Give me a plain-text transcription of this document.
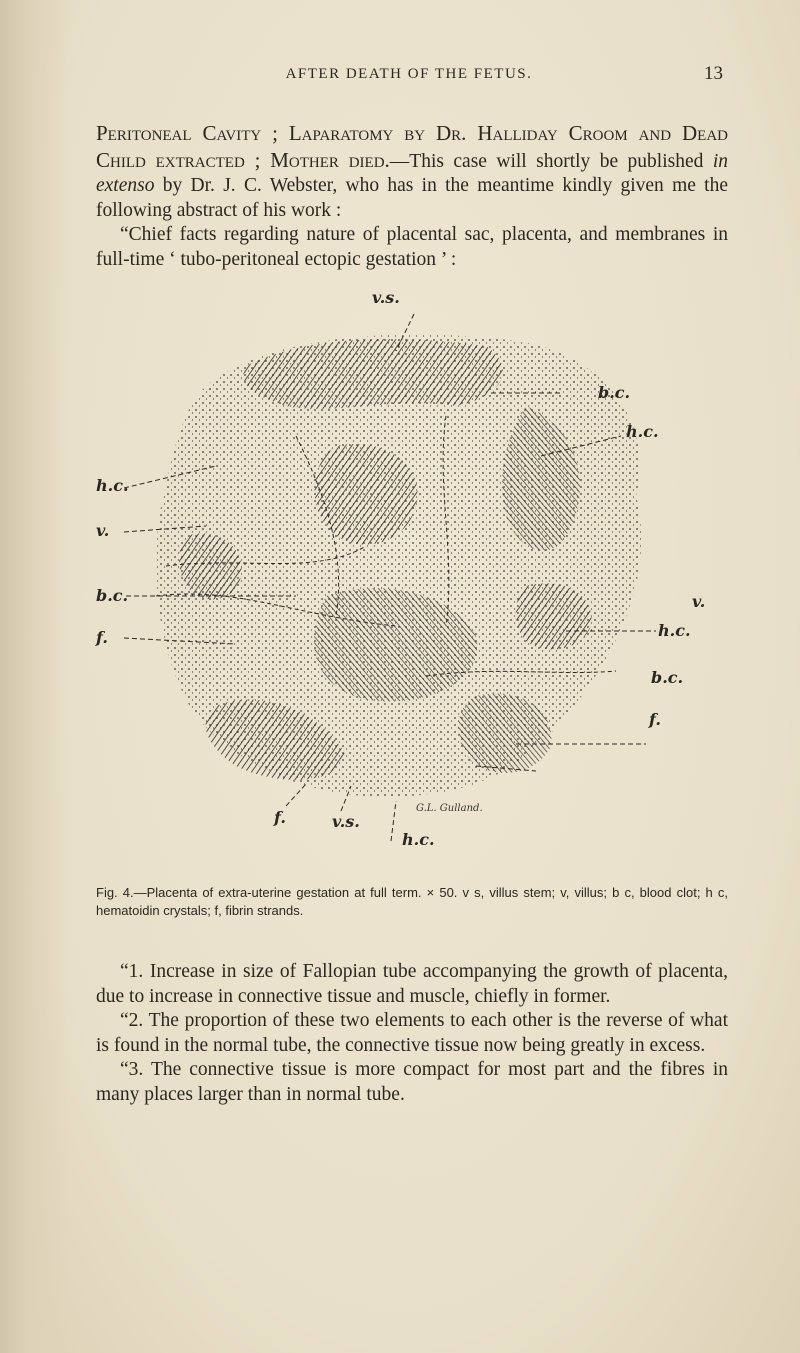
AFTER DEATH OF THE FETUS.	13

Peritoneal Cavity ; Laparatomy by Dr. Halliday Croom and Dead Child extracted ; Mother died.—This case will shortly be published in extenso by Dr. J. C. Webster, who has in the meantime kindly given me the following abstract of his work :

“Chief facts regarding nature of placental sac, placenta, and membranes in full-time ‘ tubo-peritoneal ectopic gestation ’ :

v.s.
b.c.
h.c.
h.c.
v.
b.c.
f.
v.
h.c.
b.c.
f.
f.	v.s.
h.c.
G.L. Gulland.
Fig. 4.—Placenta of extra-uterine gestation at full term. × 50. v s, villus stem; v, villus; b c, blood clot; h c, hematoidin crystals; f, fibrin strands.

“1. Increase in size of Fallopian tube accompanying the growth of placenta, due to increase in connective tissue and muscle, chiefly in former.

“2. The proportion of these two elements to each other is the reverse of what is found in the normal tube, the connective tissue now being greatly in excess.

“3. The connective tissue is more compact for most part and the fibres in many places larger than in normal tube.
